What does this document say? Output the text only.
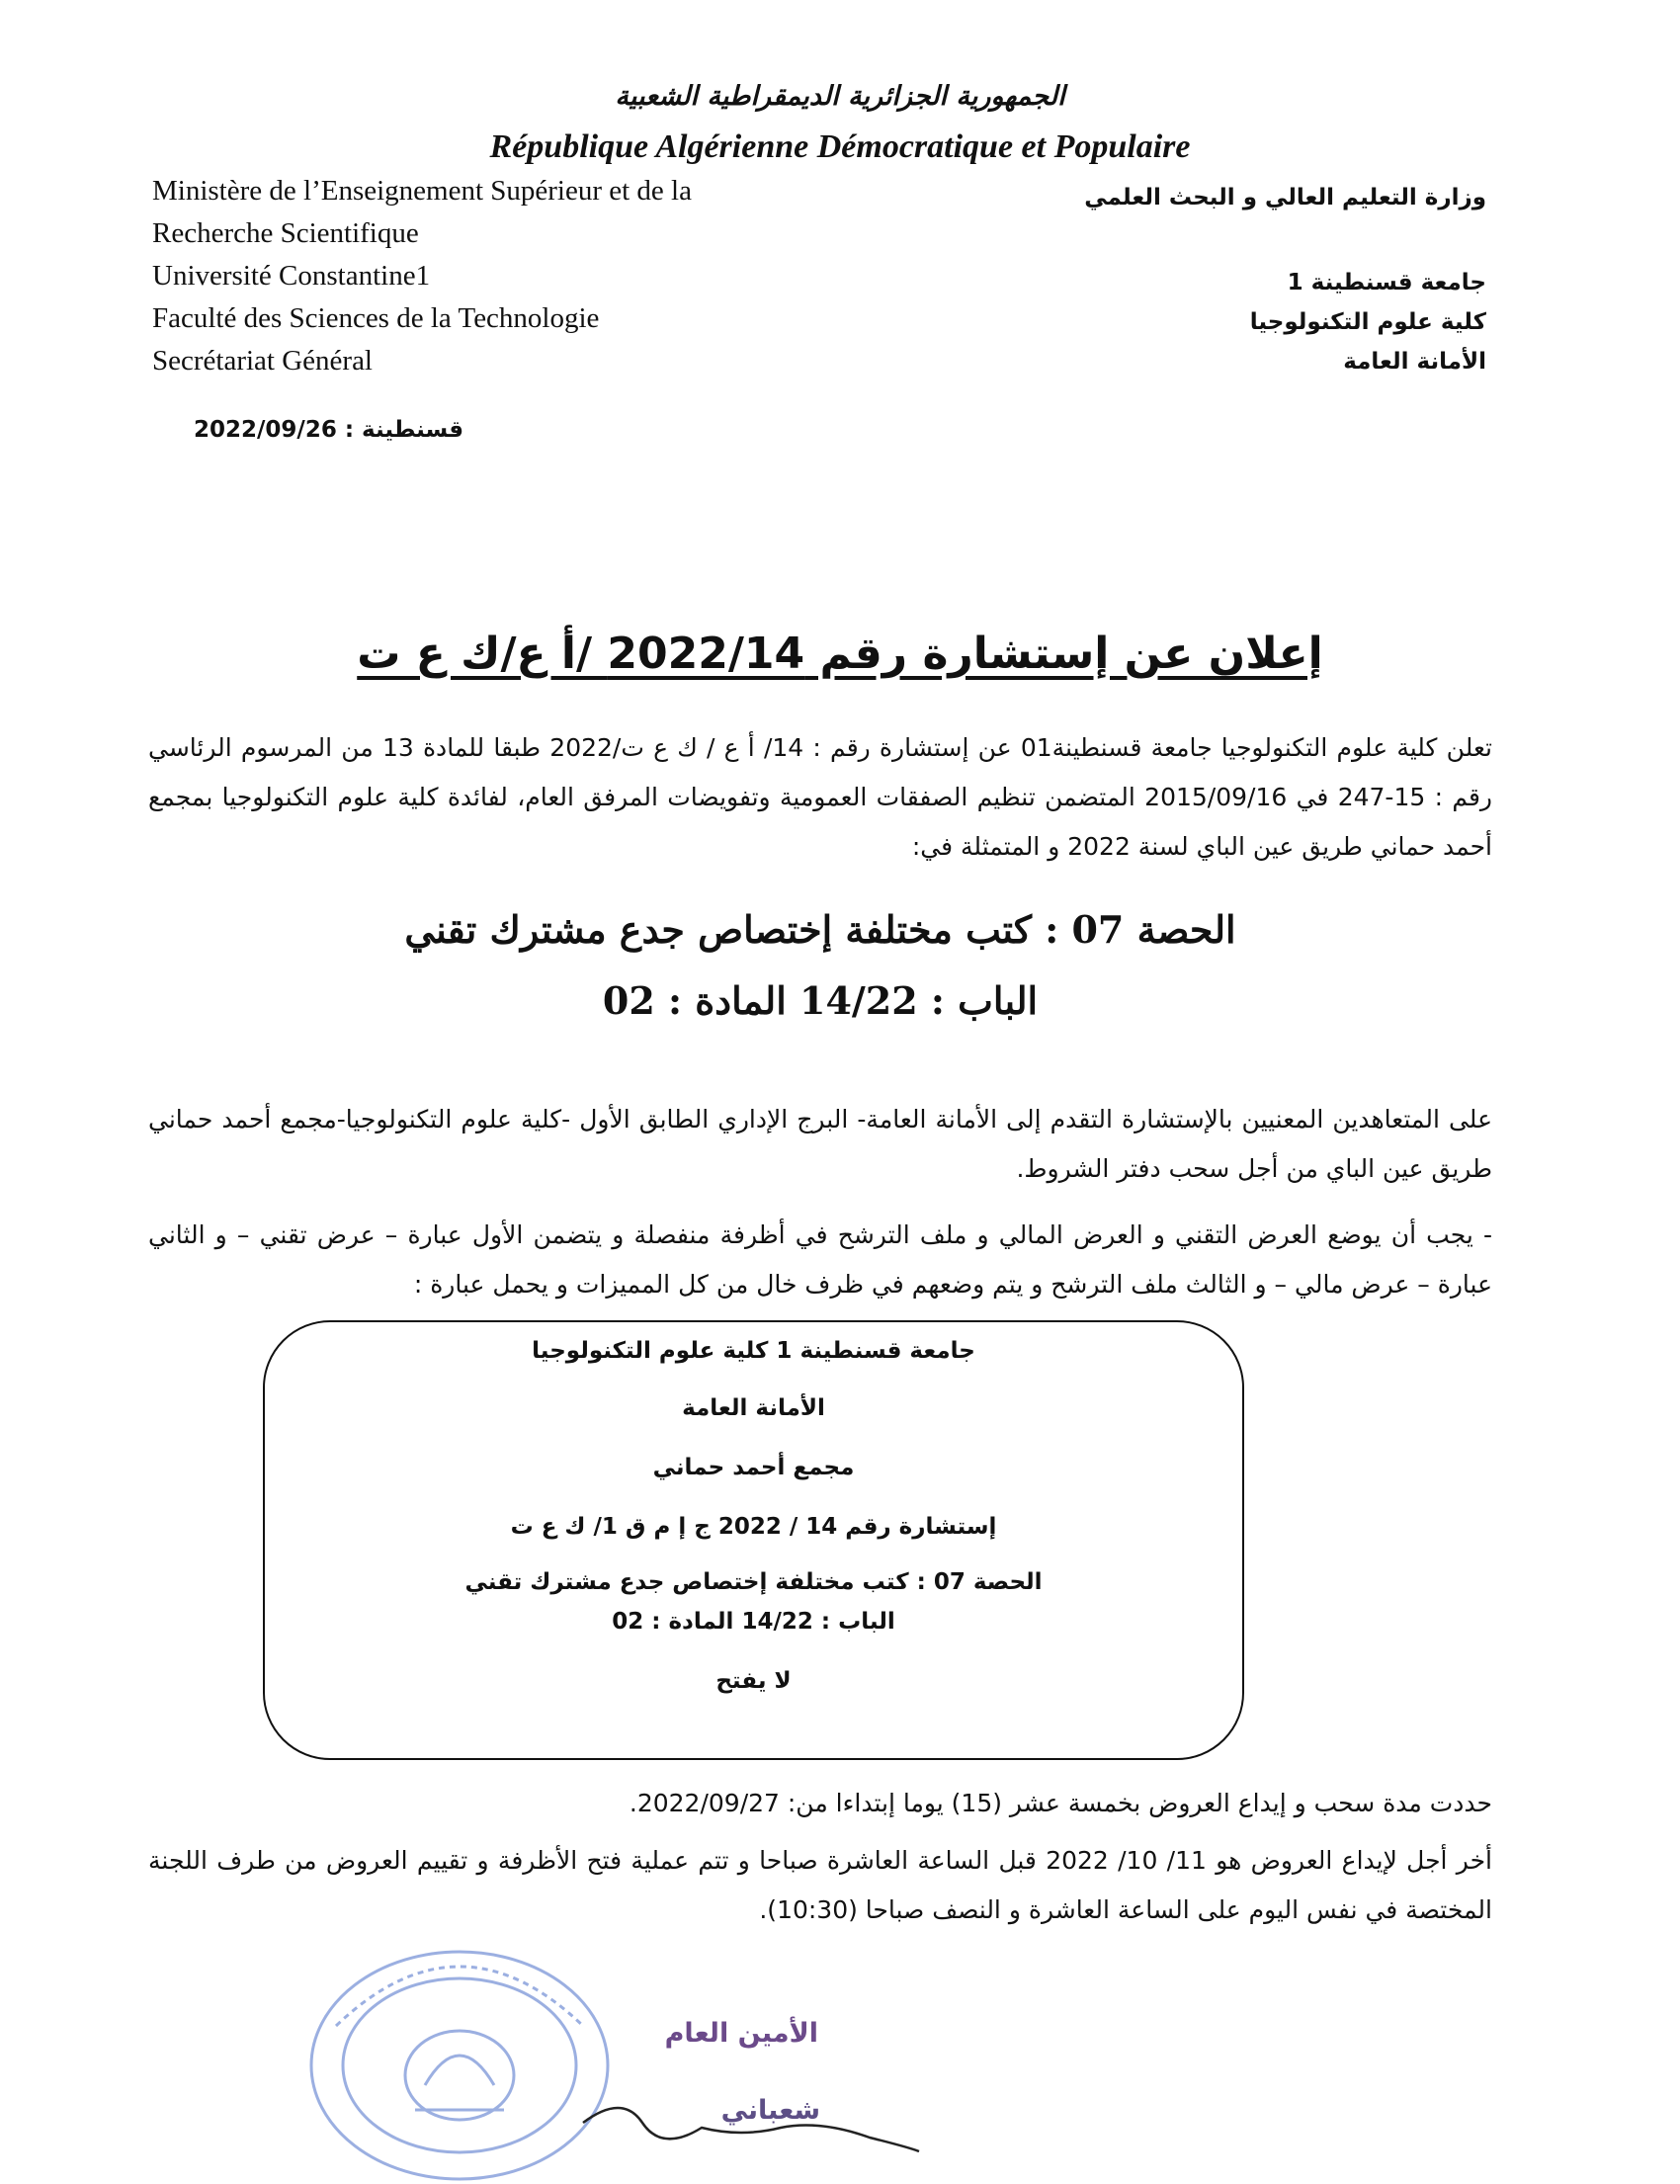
الجمهورية الجزائرية الديمقراطية الشعبية
République Algérienne Démocratique et Populaire
Ministère de l’Enseignement Supérieur et de la
Recherche Scientifique
Université Constantine1
Faculté des Sciences de la Technologie
Secrétariat Général
وزارة التعليم العالي و البحث العلمي
جامعة قسنطينة 1
كلية علوم التكنولوجيا
الأمانة العامة
قسنطينة : 2022/09/26
إعلان عن إستشارة رقم 2022/14 /أ ع/ك ع ت
تعلن كلية علوم التكنولوجيا جامعة قسنطينة01 عن إستشارة رقم : 14/ أ ع / ك ع ت/2022 طبقا للمادة 13 من المرسوم الرئاسي رقم : 15-247 في 2015/09/16 المتضمن تنظيم الصفقات العمومية وتفويضات المرفق العام، لفائدة كلية علوم التكنولوجيا بمجمع أحمد حماني طريق عين الباي لسنة 2022 و المتمثلة في:
الحصة 07 : كتب مختلفة إختصاص جدع مشترك تقني
الباب : 14/22 المادة : 02
على المتعاهدين المعنيين بالإستشارة التقدم إلى الأمانة العامة- البرج الإداري الطابق الأول -كلية علوم التكنولوجيا-مجمع أحمد حماني طريق عين الباي من أجل سحب دفتر الشروط.
- يجب أن يوضع العرض التقني و العرض المالي و ملف الترشح في أظرفة منفصلة و يتضمن الأول عبارة – عرض تقني – و الثاني عبارة – عرض مالي – و الثالث ملف الترشح و يتم وضعهم في ظرف خال من كل المميزات و يحمل عبارة :
جامعة قسنطينة 1 كلية علوم التكنولوجيا
الأمانة العامة
مجمع أحمد حماني
إستشارة رقم 14 / 2022 ج إ م ق 1/ ك ع ت
الحصة 07 : كتب مختلفة إختصاص جدع مشترك تقني
الباب : 14/22 المادة : 02
لا يفتح
حددت مدة سحب و إيداع العروض بخمسة عشر (15) يوما إبتداءا من: 2022/09/27.
أخر أجل لإيداع العروض هو 11/ 10/ 2022 قبل الساعة العاشرة صباحا و تتم عملية فتح الأظرفة و تقييم العروض من طرف اللجنة المختصة في نفس اليوم على الساعة العاشرة و النصف صباحا (10:30).
الأمين العام
شعباني
